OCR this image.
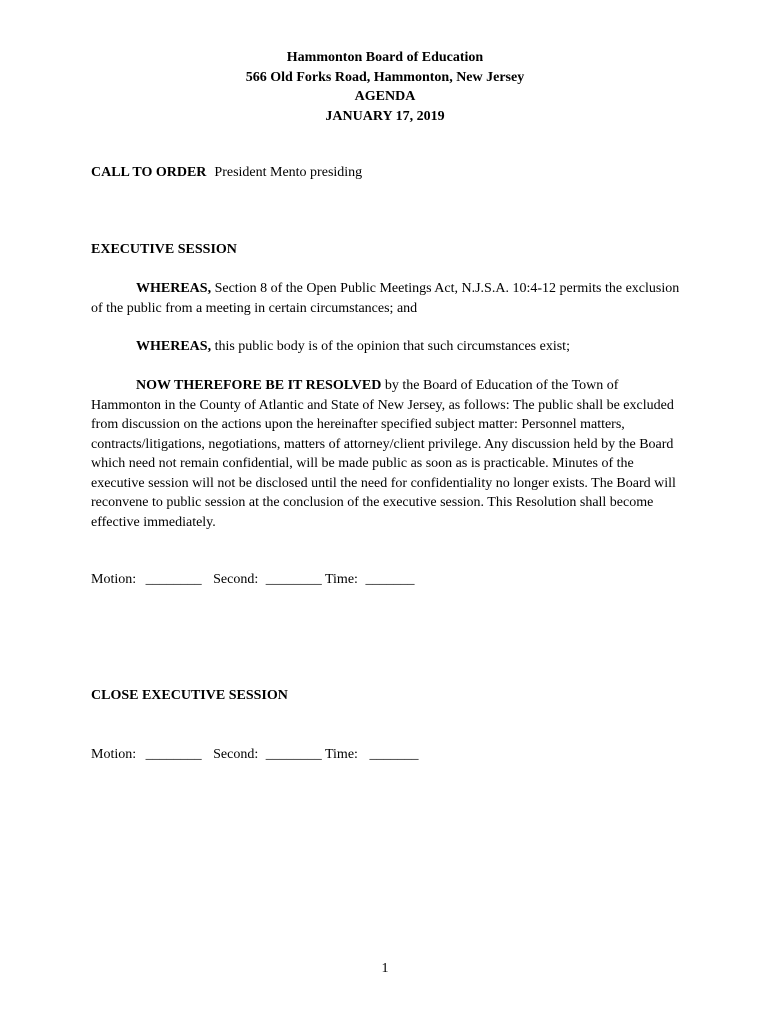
Hammonton Board of Education
566 Old Forks Road, Hammonton, New Jersey
AGENDA
JANUARY 17, 2019
CALL TO ORDER President Mento presiding
EXECUTIVE SESSION
WHEREAS, Section 8 of the Open Public Meetings Act, N.J.S.A. 10:4-12 permits the exclusion of the public from a meeting in certain circumstances; and
WHEREAS, this public body is of the opinion that such circumstances exist;
NOW THEREFORE BE IT RESOLVED by the Board of Education of the Town of Hammonton in the County of Atlantic and State of New Jersey, as follows: The public shall be excluded from discussion on the actions upon the hereinafter specified subject matter: Personnel matters, contracts/litigations, negotiations, matters of attorney/client privilege. Any discussion held by the Board which need not remain confidential, will be made public as soon as is practicable. Minutes of the executive session will not be disclosed until the need for confidentiality no longer exists. The Board will reconvene to public session at the conclusion of the executive session. This Resolution shall become effective immediately.
Motion: ________ Second: ________ Time: _______
CLOSE EXECUTIVE SESSION
Motion: ________ Second: ________ Time: _______
1
